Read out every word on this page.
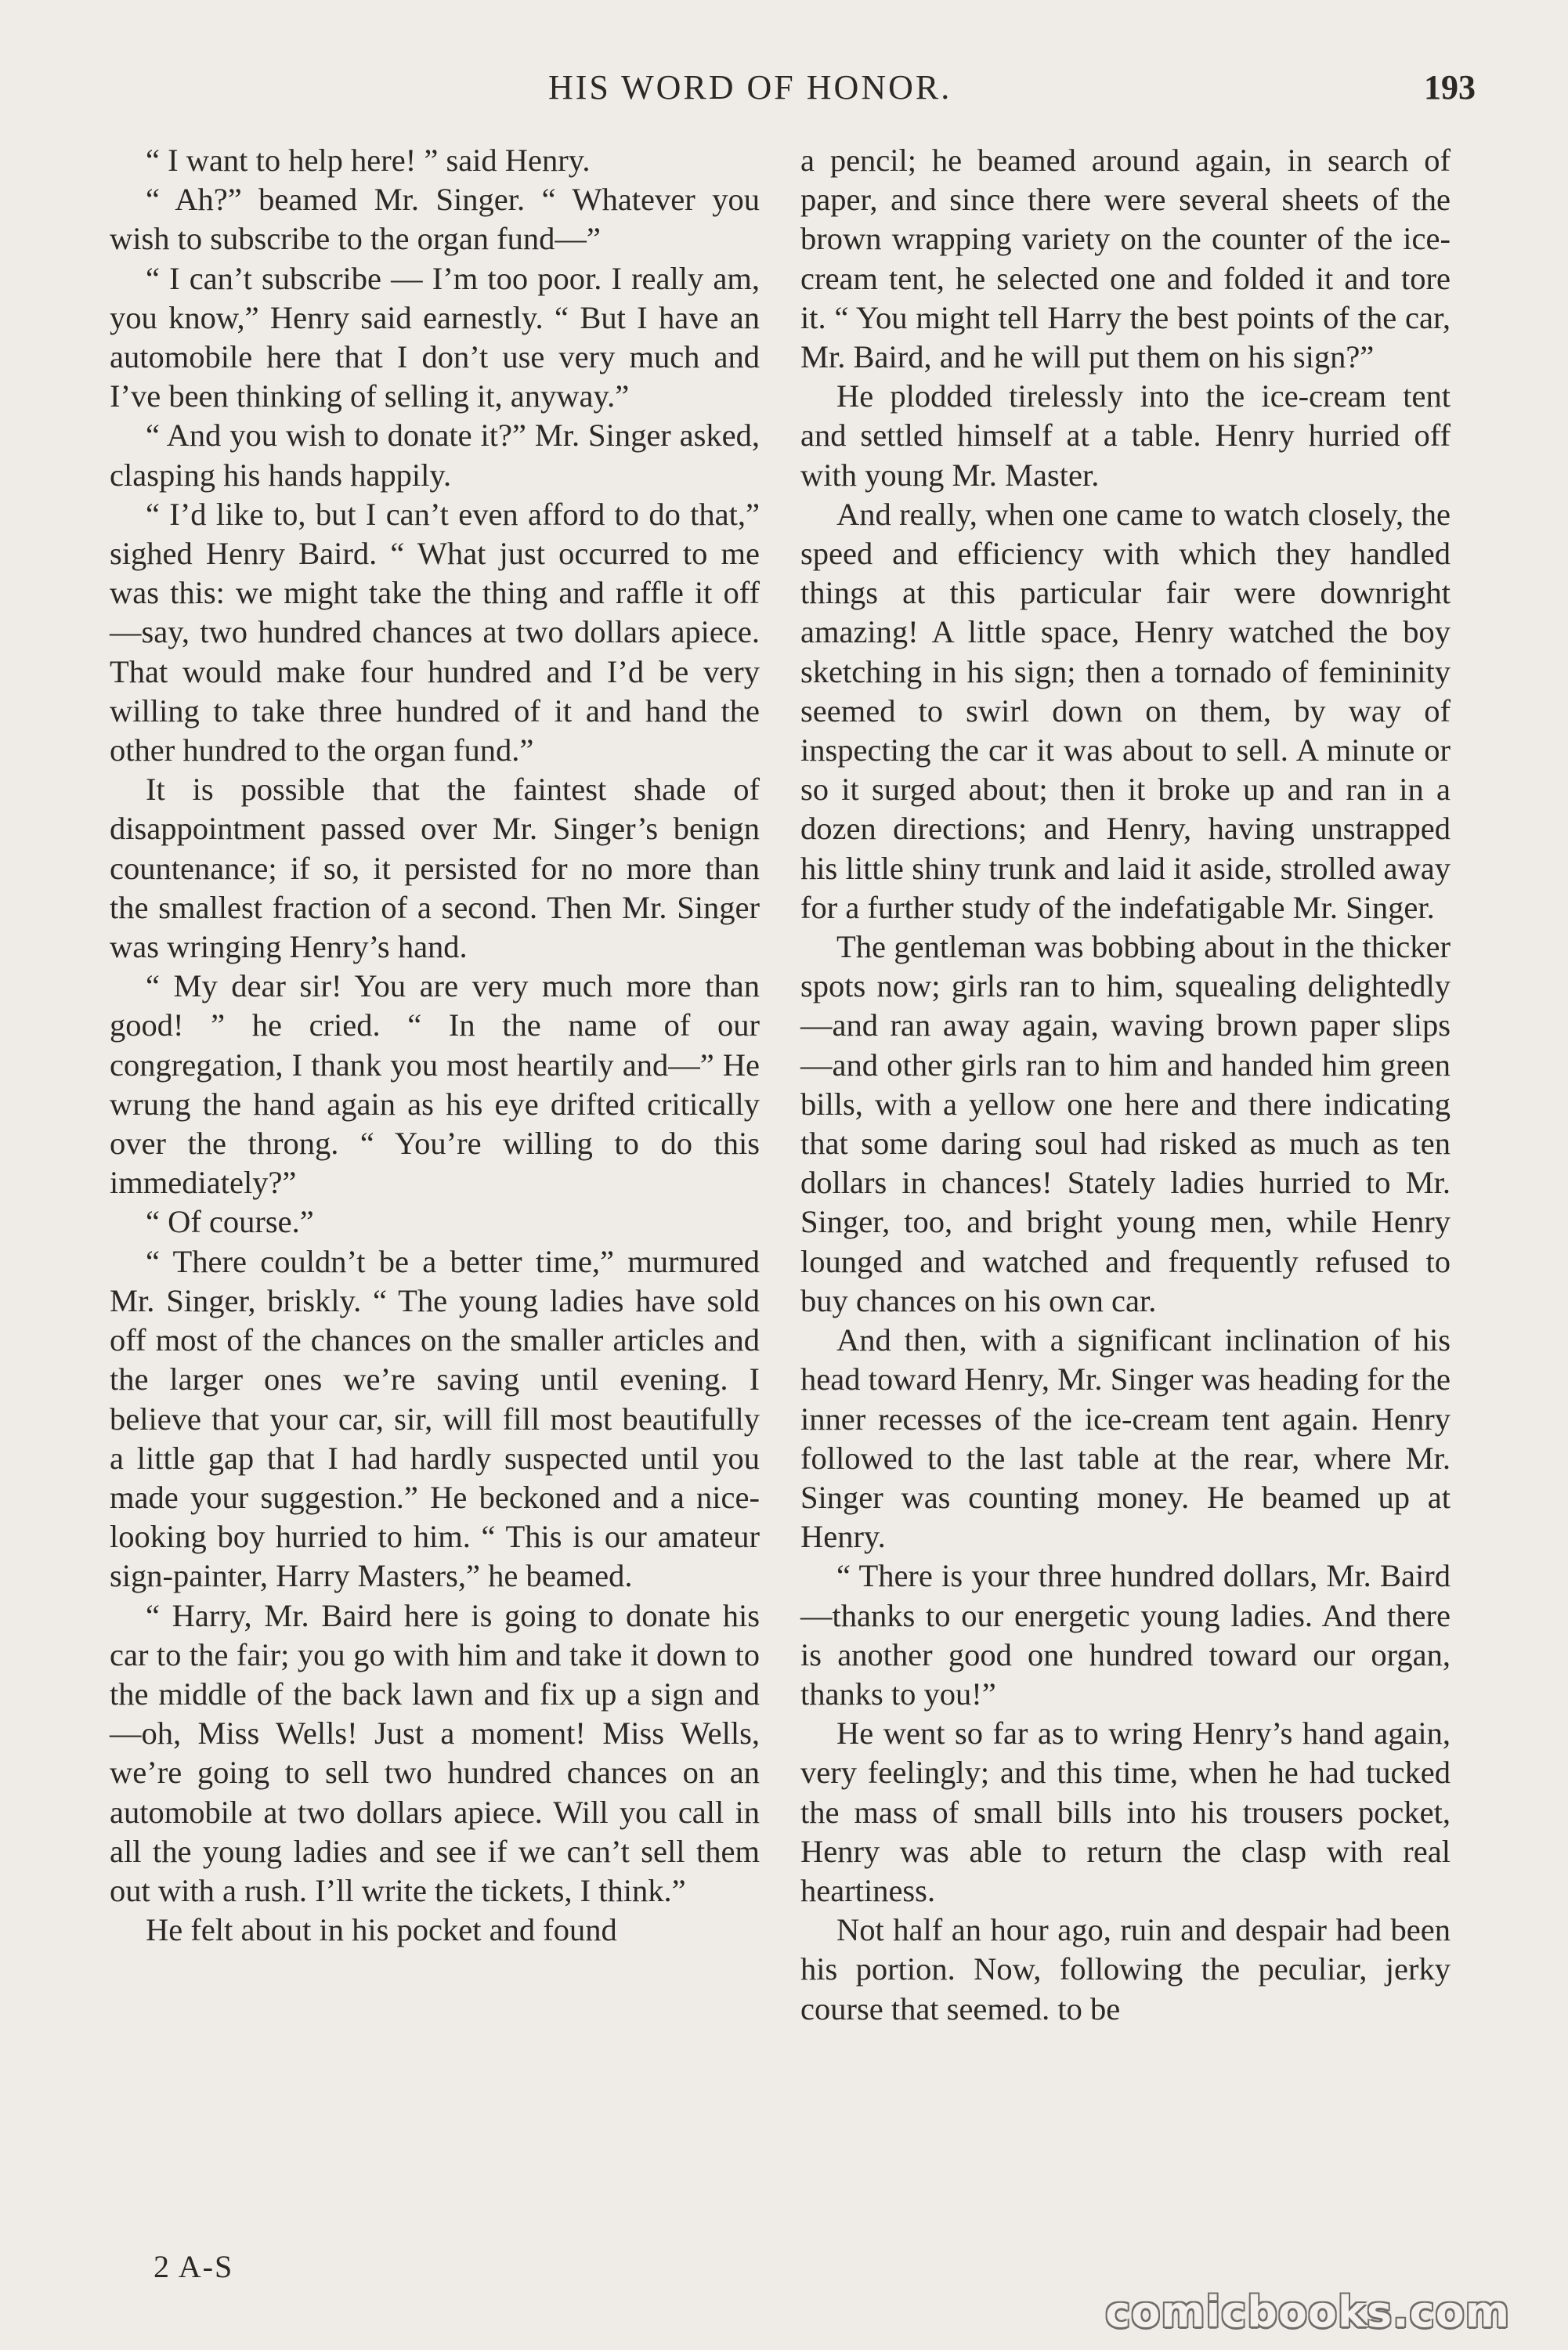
HIS WORD OF HONOR.	193

“ I want to help here! ” said Henry.

“ Ah?” beamed Mr. Singer. “ Whatever you wish to subscribe to the organ fund—”

“ I can’t subscribe — I’m too poor. I really am, you know,” Henry said earnestly. “ But I have an automobile here that I don’t use very much and I’ve been thinking of selling it, anyway.”

“ And you wish to donate it?” Mr. Singer asked, clasping his hands happily.

“ I’d like to, but I can’t even afford to do that,” sighed Henry Baird. “ What just occurred to me was this: we might take the thing and raffle it off—say, two hundred chances at two dollars apiece. That would make four hundred and I’d be very willing to take three hundred of it and hand the other hundred to the organ fund.”

It is possible that the faintest shade of disappointment passed over Mr. Singer’s benign countenance; if so, it persisted for no more than the smallest fraction of a second. Then Mr. Singer was wringing Henry’s hand.

“ My dear sir! You are very much more than good! ” he cried. “ In the name of our congregation, I thank you most heartily and—” He wrung the hand again as his eye drifted critically over the throng. “ You’re willing to do this immediately?”

“ Of course.”

“ There couldn’t be a better time,” murmured Mr. Singer, briskly. “ The young ladies have sold off most of the chances on the smaller articles and the larger ones we’re saving until evening. I believe that your car, sir, will fill most beautifully a little gap that I had hardly suspected until you made your suggestion.” He beckoned and a nice-looking boy hurried to him. “ This is our amateur sign-painter, Harry Masters,” he beamed.

“ Harry, Mr. Baird here is going to donate his car to the fair; you go with him and take it down to the middle of the back lawn and fix up a sign and—oh, Miss Wells! Just a moment! Miss Wells, we’re going to sell two hundred chances on an automobile at two dollars apiece. Will you call in all the young ladies and see if we can’t sell them out with a rush. I’ll write the tickets, I think.”

He felt about in his pocket and found

a pencil; he beamed around again, in search of paper, and since there were several sheets of the brown wrapping variety on the counter of the ice-cream tent, he selected one and folded it and tore it. “ You might tell Harry the best points of the car, Mr. Baird, and he will put them on his sign?”

He plodded tirelessly into the ice-cream tent and settled himself at a table. Henry hurried off with young Mr. Master.

And really, when one came to watch closely, the speed and efficiency with which they handled things at this particular fair were downright amazing! A little space, Henry watched the boy sketching in his sign; then a tornado of femininity seemed to swirl down on them, by way of inspecting the car it was about to sell. A minute or so it surged about; then it broke up and ran in a dozen directions; and Henry, having unstrapped his little shiny trunk and laid it aside, strolled away for a further study of the indefatigable Mr. Singer.

The gentleman was bobbing about in the thicker spots now; girls ran to him, squealing delightedly—and ran away again, waving brown paper slips—and other girls ran to him and handed him green bills, with a yellow one here and there indicating that some daring soul had risked as much as ten dollars in chances! Stately ladies hurried to Mr. Singer, too, and bright young men, while Henry lounged and watched and frequently refused to buy chances on his own car.

And then, with a significant inclination of his head toward Henry, Mr. Singer was heading for the inner recesses of the ice-cream tent again. Henry followed to the last table at the rear, where Mr. Singer was counting money. He beamed up at Henry.

“ There is your three hundred dollars, Mr. Baird—thanks to our energetic young ladies. And there is another good one hundred toward our organ, thanks to you!”

He went so far as to wring Henry’s hand again, very feelingly; and this time, when he had tucked the mass of small bills into his trousers pocket, Henry was able to return the clasp with real heartiness.

Not half an hour ago, ruin and despair had been his portion. Now, following the peculiar, jerky course that seemed. to be

2 A-S
comicbooks.com
